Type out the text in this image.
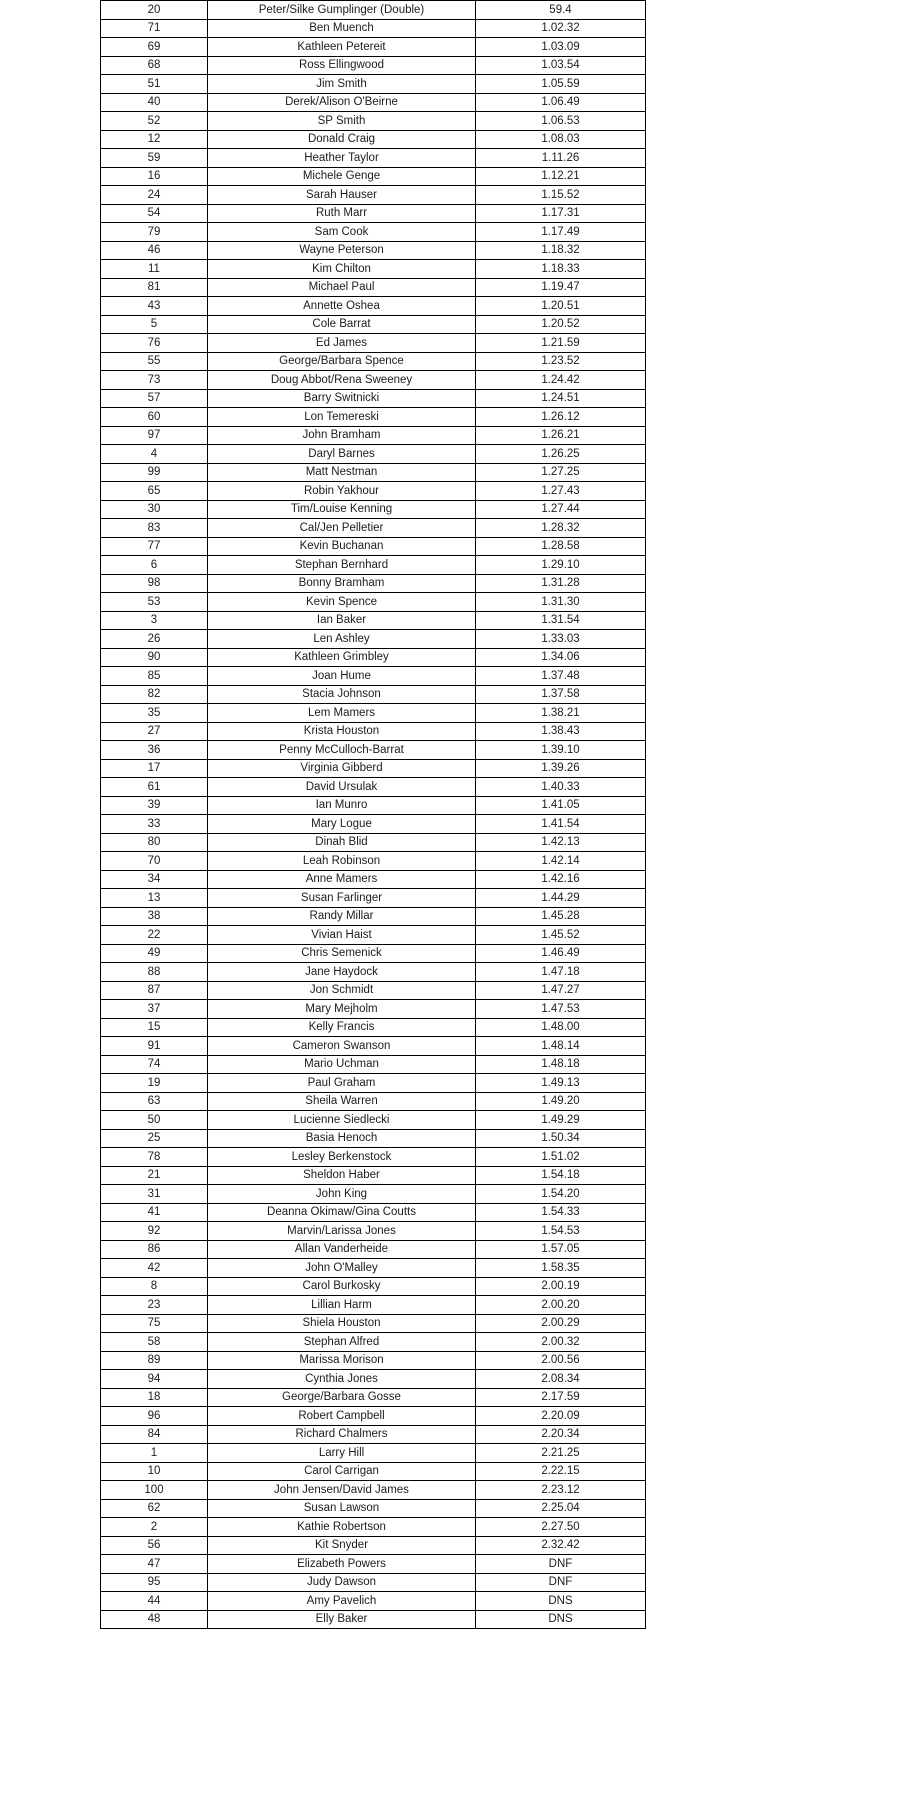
20	Peter/Silke Gumplinger (Double)	59.4
71	Ben Muench	1.02.32
69	Kathleen Petereit	1.03.09
68	Ross Ellingwood	1.03.54
51	Jim Smith	1.05.59
40	Derek/Alison O'Beirne	1.06.49
52	SP Smith	1.06.53
12	Donald Craig	1.08.03
59	Heather Taylor	1.11.26
16	Michele Genge	1.12.21
24	Sarah Hauser	1.15.52
54	Ruth Marr	1.17.31
79	Sam Cook	1.17.49
46	Wayne Peterson	1.18.32
11	Kim Chilton	1.18.33
81	Michael Paul	1.19.47
43	Annette Oshea	1.20.51
5	Cole Barrat	1.20.52
76	Ed James	1.21.59
55	George/Barbara Spence	1.23.52
73	Doug Abbot/Rena Sweeney	1.24.42
57	Barry Switnicki	1.24.51
60	Lon Temereski	1.26.12
97	John Bramham	1.26.21
4	Daryl Barnes	1.26.25
99	Matt Nestman	1.27.25
65	Robin Yakhour	1.27.43
30	Tim/Louise Kenning	1.27.44
83	Cal/Jen Pelletier	1.28.32
77	Kevin Buchanan	1.28.58
6	Stephan Bernhard	1.29.10
98	Bonny Bramham	1.31.28
53	Kevin Spence	1.31.30
3	Ian Baker	1.31.54
26	Len Ashley	1.33.03
90	Kathleen Grimbley	1.34.06
85	Joan Hume	1.37.48
82	Stacia Johnson	1.37.58
35	Lem Mamers	1.38.21
27	Krista Houston	1.38.43
36	Penny McCulloch-Barrat	1.39.10
17	Virginia Gibberd	1.39.26
61	David Ursulak	1.40.33
39	Ian Munro	1.41.05
33	Mary Logue	1.41.54
80	Dinah Blid	1.42.13
70	Leah Robinson	1.42.14
34	Anne Mamers	1.42.16
13	Susan Farlinger	1.44.29
38	Randy Millar	1.45.28
22	Vivian Haist	1.45.52
49	Chris Semenick	1.46.49
88	Jane Haydock	1.47.18
87	Jon Schmidt	1.47.27
37	Mary Mejholm	1.47.53
15	Kelly Francis	1.48.00
91	Cameron Swanson	1.48.14
74	Mario Uchman	1.48.18
19	Paul Graham	1.49.13
63	Sheila Warren	1.49.20
50	Lucienne Siedlecki	1.49.29
25	Basia Henoch	1.50.34
78	Lesley Berkenstock	1.51.02
21	Sheldon Haber	1.54.18
31	John King	1.54.20
41	Deanna Okimaw/Gina Coutts	1.54.33
92	Marvin/Larissa Jones	1.54.53
86	Allan Vanderheide	1.57.05
42	John O'Malley	1.58.35
8	Carol Burkosky	2.00.19
23	Lillian Harm	2.00.20
75	Shiela Houston	2.00.29
58	Stephan Alfred	2.00.32
89	Marissa Morison	2.00.56
94	Cynthia Jones	2.08.34
18	George/Barbara Gosse	2.17.59
96	Robert Campbell	2.20.09
84	Richard Chalmers	2.20.34
1	Larry Hill	2.21.25
10	Carol Carrigan	2.22.15
100	John Jensen/David James	2.23.12
62	Susan Lawson	2.25.04
2	Kathie Robertson	2.27.50
56	Kit Snyder	2.32.42
47	Elizabeth Powers	DNF
95	Judy Dawson	DNF
44	Amy Pavelich	DNS
48	Elly Baker	DNS
